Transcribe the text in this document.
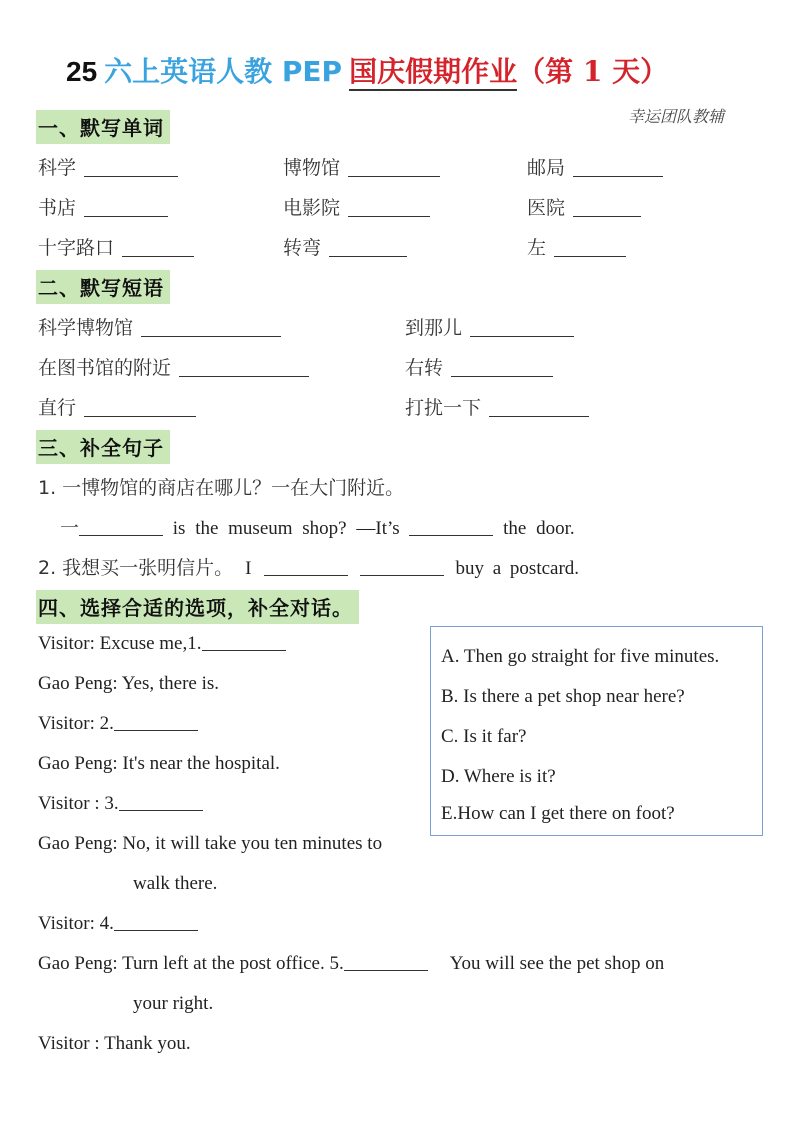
25 六上英语人教 PEP 国庆假期作业（第 1 天）
幸运团队教辅
一、默写单词
科学	博物馆	邮局
书店	电影院	医院
十字路口	转弯	左
二、默写短语
科学博物馆	到那儿
在图书馆的附近	右转
直行	打扰一下
三、补全句子
1. 一博物馆的商店在哪儿？一在大门附近。
一	is the museum shop? —It’s	the door.
2. 我想买一张明信片。 I	buy a postcard.
四、选择合适的选项，补全对话。
Visitor: Excuse me,1.
Gao Peng: Yes, there is.
Visitor: 2.
Gao Peng: It's near the hospital.
Visitor : 3.
Gao Peng: No, it will take you ten minutes to
walk there.
Visitor: 4.
Gao Peng: Turn left at the post office. 5.	You will see the pet shop on
your right.
Visitor : Thank you.
A. Then go straight for five minutes.
B. Is there a pet shop near here?
C. Is it far?
D. Where is it?
E.How can I get there on foot?
